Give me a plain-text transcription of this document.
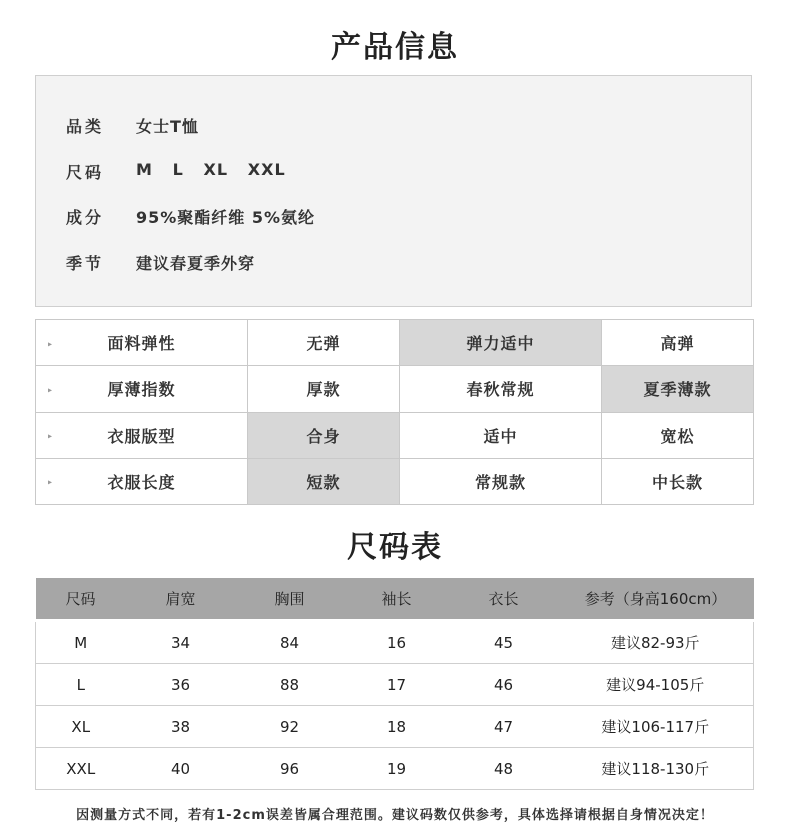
产品信息
品类	女士T恤
尺码	M   L   XL   XXL
成分	95%聚酯纤维 5%氨纶
季节	建议春夏季外穿
▸ 面料弹性	无弹	弹力适中	高弹

▸ 厚薄指数	厚款	春秋常规	夏季薄款

▸ 衣服版型	合身	适中	宽松

▸ 衣服长度	短款	常规款	中长款
尺码表
尺码	肩宽	胸围	袖长	衣长	参考（身高160cm）
M	34	84	16	45	建议82-93斤
L	36	88	17	46	建议94-105斤
XL	38	92	18	47	建议106-117斤
XXL	40	96	19	48	建议118-130斤
因测量方式不同，若有1-2cm误差皆属合理范围。建议码数仅供参考，具体选择请根据自身情况决定！
